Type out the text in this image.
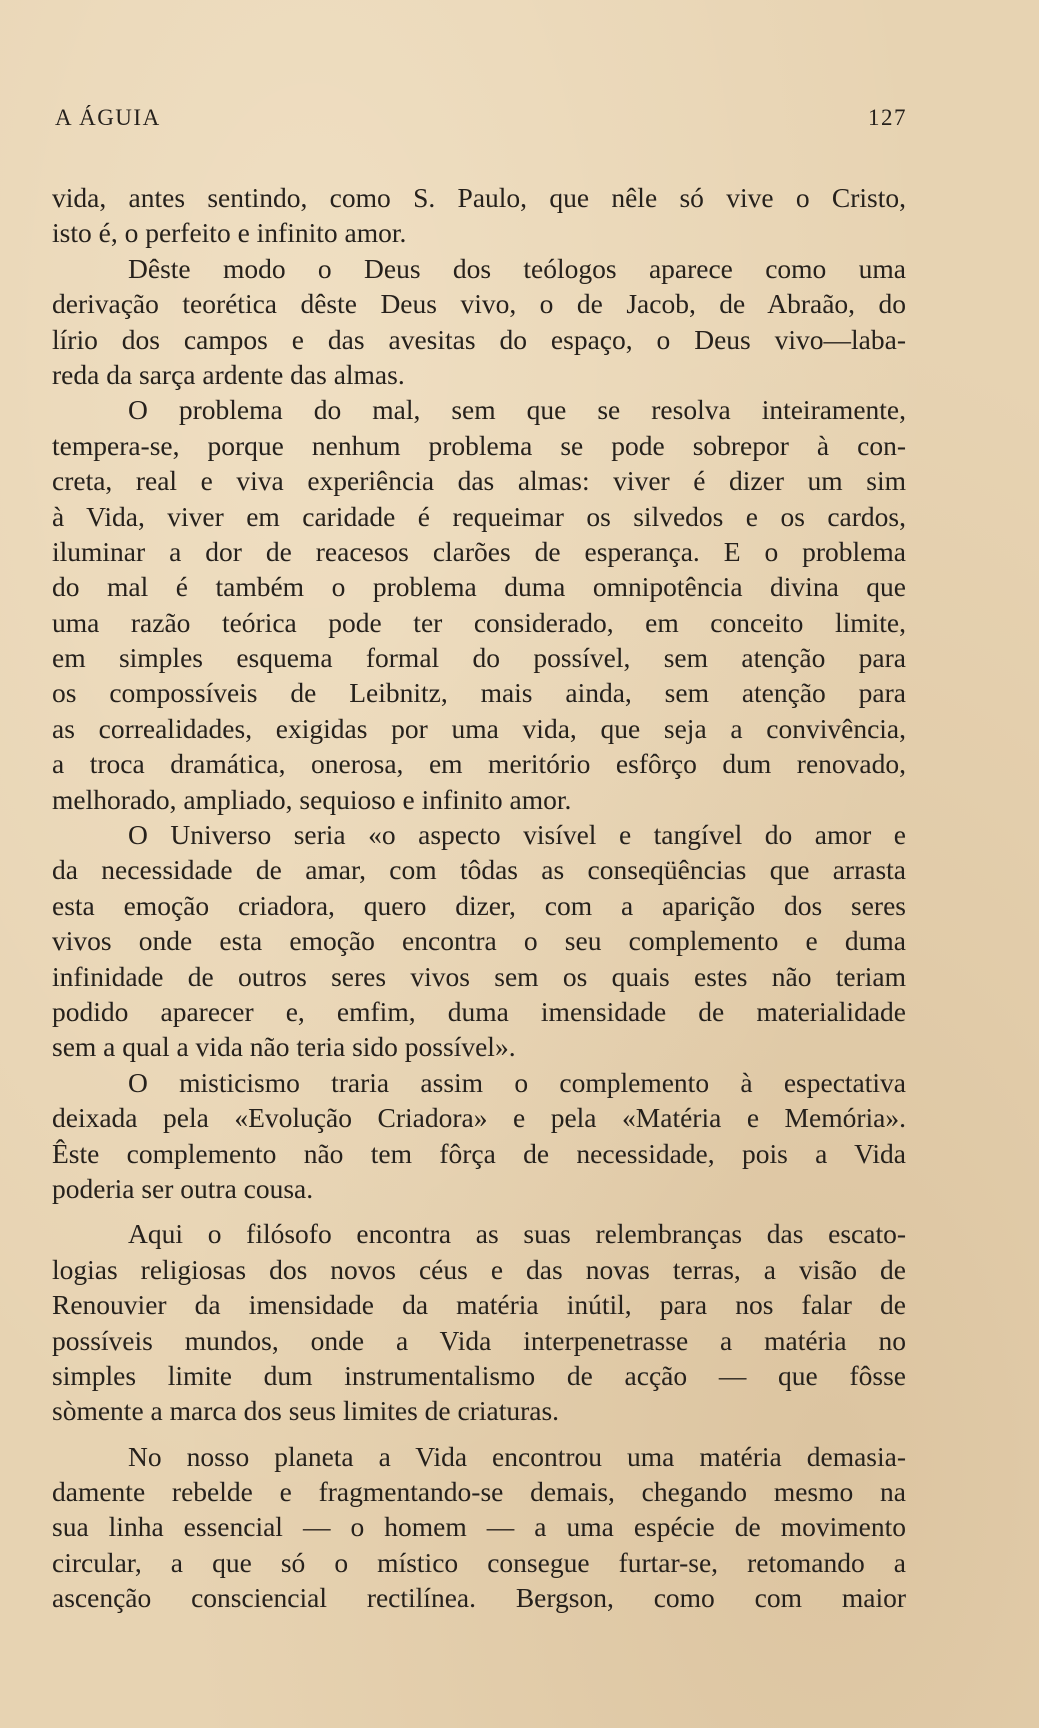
A ÁGUIA	127
vida, antes sentindo, como S. Paulo, que nêle só vive o Cristo,
isto é, o perfeito e infinito amor.
Dêste modo o Deus dos teólogos aparece como uma
derivação teorética dêste Deus vivo, o de Jacob, de Abraão, do
lírio dos campos e das avesitas do espaço, o Deus vivo—laba-
reda da sarça ardente das almas.
O problema do mal, sem que se resolva inteiramente,
tempera-se, porque nenhum problema se pode sobrepor à con-
creta, real e viva experiência das almas: viver é dizer um sim
à Vida, viver em caridade é requeimar os silvedos e os cardos,
iluminar a dor de reacesos clarões de esperança. E o problema
do mal é também o problema duma omnipotência divina que
uma razão teórica pode ter considerado, em conceito limite,
em simples esquema formal do possível, sem atenção para
os compossíveis de Leibnitz, mais ainda, sem atenção para
as correalidades, exigidas por uma vida, que seja a convivência,
a troca dramática, onerosa, em meritório esfôrço dum renovado,
melhorado, ampliado, sequioso e infinito amor.
O Universo seria «o aspecto visível e tangível do amor e
da necessidade de amar, com tôdas as conseqüências que arrasta
esta emoção criadora, quero dizer, com a aparição dos seres
vivos onde esta emoção encontra o seu complemento e duma
infinidade de outros seres vivos sem os quais estes não teriam
podido aparecer e, emfim, duma imensidade de materialidade
sem a qual a vida não teria sido possível».
O misticismo traria assim o complemento à espectativa
deixada pela «Evolução Criadora» e pela «Matéria e Memória».
Êste complemento não tem fôrça de necessidade, pois a Vida
poderia ser outra cousa.
Aqui o filósofo encontra as suas relembranças das escato-
logias religiosas dos novos céus e das novas terras, a visão de
Renouvier da imensidade da matéria inútil, para nos falar de
possíveis mundos, onde a Vida interpenetrasse a matéria no
simples limite dum instrumentalismo de acção — que fôsse
sòmente a marca dos seus limites de criaturas.
No nosso planeta a Vida encontrou uma matéria demasia-
damente rebelde e fragmentando-se demais, chegando mesmo na
sua linha essencial — o homem — a uma espécie de movimento
circular, a que só o místico consegue furtar-se, retomando a
ascenção consciencial rectilínea. Bergson, como com maior
